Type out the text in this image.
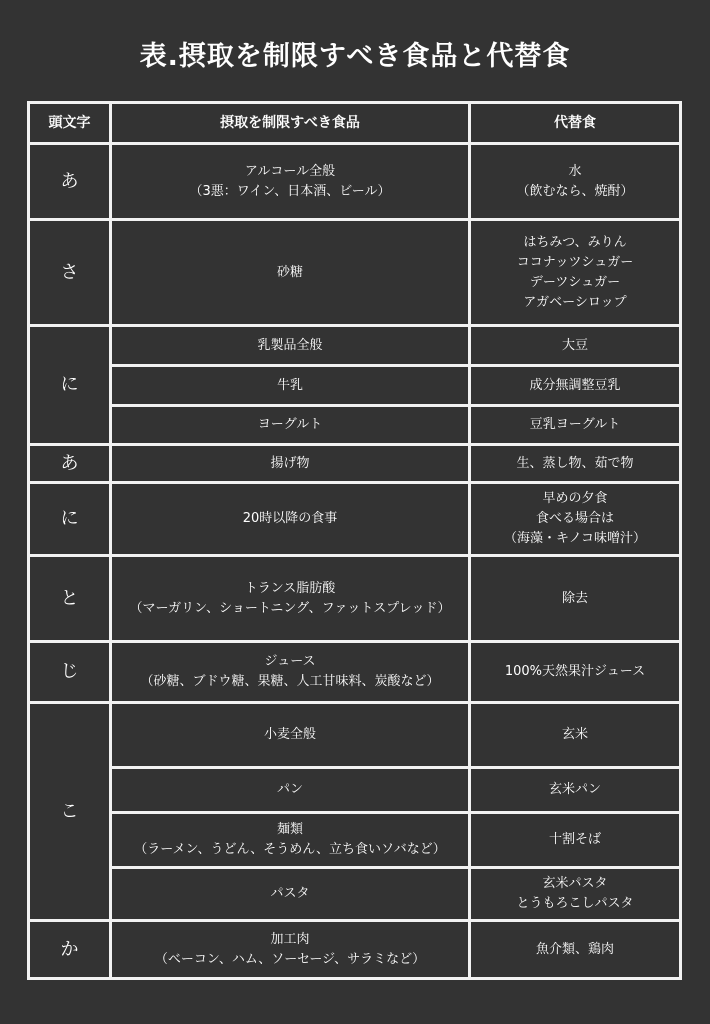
表.摂取を制限すべき食品と代替食
頭文字	摂取を制限すべき食品	代替食
あ	アルコール全般
（3悪：ワイン、日本酒、ビール）	水
（飲むなら、焼酎）

さ	砂糖	はちみつ、みりん
ココナッツシュガー
デーツシュガー
アガベーシロップ

に	乳製品全般	大豆

	牛乳	成分無調整豆乳

	ヨーグルト	豆乳ヨーグルト

あ	揚げ物	生、蒸し物、茹で物

に	20時以降の食事	早めの夕食
食べる場合は
（海藻・キノコ味噌汁）

と	トランス脂肪酸
（マーガリン、ショートニング、ファットスプレッド）	除去

じ	ジュース
（砂糖、ブドウ糖、果糖、人工甘味料、炭酸など）	100%天然果汁ジュース

こ	小麦全般	玄米

	パン	玄米パン

	麺類
（ラーメン、うどん、そうめん、立ち食いソバなど）	十割そば

	パスタ	玄米パスタ
とうもろこしパスタ

か	加工肉
（ベーコン、ハム、ソーセージ、サラミなど）	魚介類、鶏肉
